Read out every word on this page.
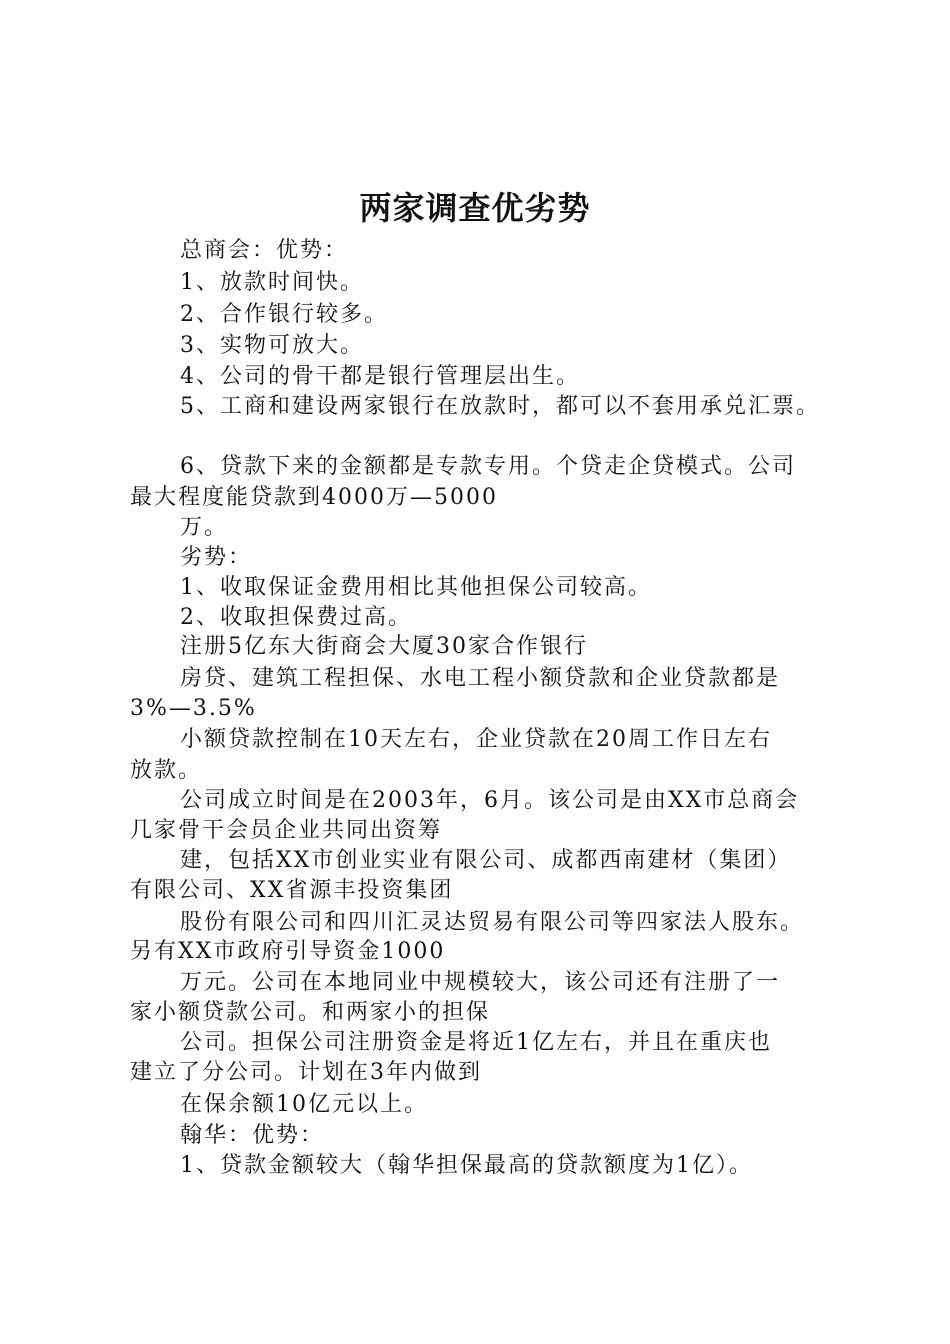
两家调查优劣势
总商会：优势：
1、放款时间快。
2、合作银行较多。
3、实物可放大。
4、公司的骨干都是银行管理层出生。
5、工商和建设两家银行在放款时，都可以不套用承兑汇票。
6、贷款下来的金额都是专款专用。个贷走企贷模式。公司
最大程度能贷款到4000万—5000
万。
劣势：
1、收取保证金费用相比其他担保公司较高。
2、收取担保费过高。
注册5亿东大街商会大厦30家合作银行
房贷、建筑工程担保、水电工程小额贷款和企业贷款都是
3%—3.5%
小额贷款控制在10天左右，企业贷款在20周工作日左右
放款。
公司成立时间是在2003年，6月。该公司是由XX市总商会
几家骨干会员企业共同出资筹
建，包括XX市创业实业有限公司、成都西南建材（集团）
有限公司、XX省源丰投资集团
股份有限公司和四川汇灵达贸易有限公司等四家法人股东。
另有XX市政府引导资金1000
万元。公司在本地同业中规模较大，该公司还有注册了一
家小额贷款公司。和两家小的担保
公司。担保公司注册资金是将近1亿左右，并且在重庆也
建立了分公司。计划在3年内做到
在保余额10亿元以上。
翰华：优势：
1、贷款金额较大（翰华担保最高的贷款额度为1亿）。
